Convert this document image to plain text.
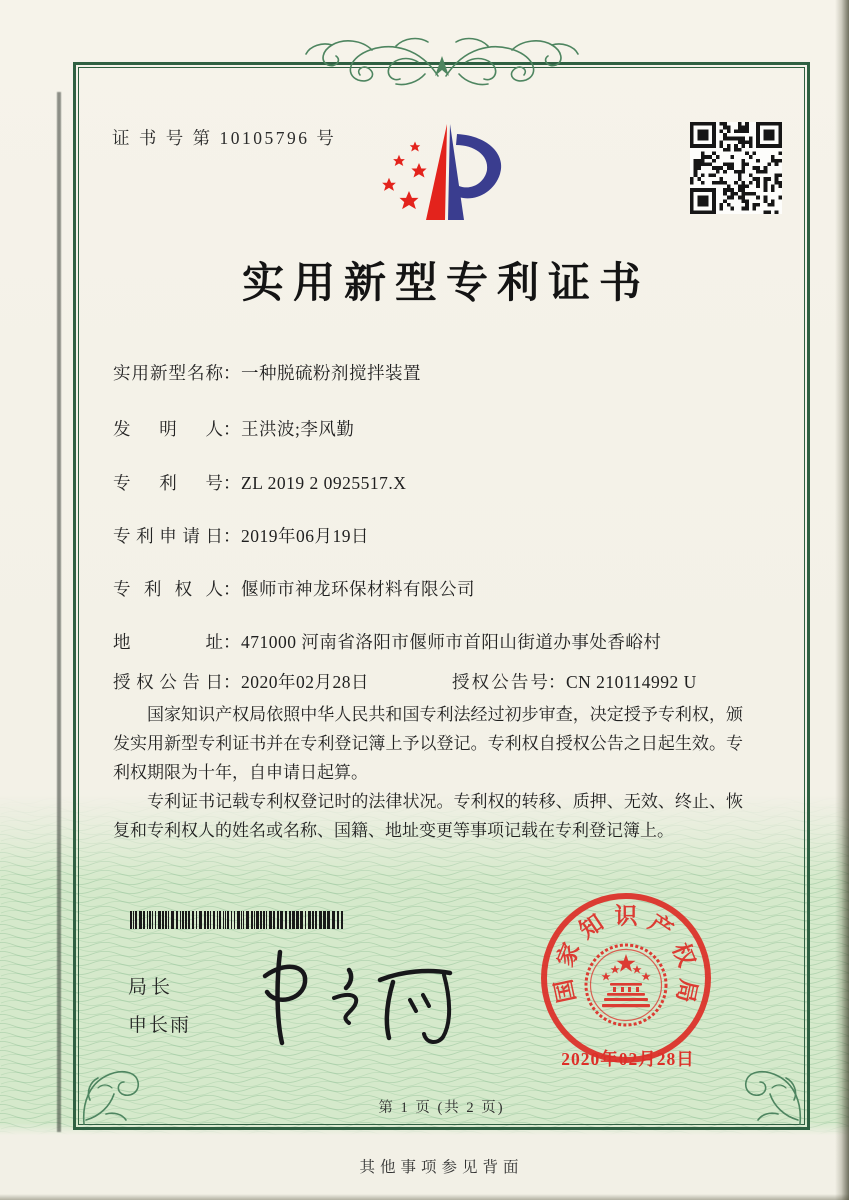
证 书 号 第 10105796 号
实用新型专利证书
实用新型名称：一种脱硫粉剂搅拌装置
发明人：王洪波;李风勤
专利号：ZL 2019 2 0925517.X
专利申请日：2019年06月19日
专利权人：偃师市神龙环保材料有限公司
地址：471000 河南省洛阳市偃师市首阳山街道办事处香峪村
授权公告日：2020年02月28日	授权公告号：CN 210114992 U

国家知识产权局依照中华人民共和国专利法经过初步审查，决定授予专利权，颁发实用新型专利证书并在专利登记簿上予以登记。专利权自授权公告之日起生效。专利权期限为十年，自申请日起算。

专利证书记载专利权登记时的法律状况。专利权的转移、质押、无效、终止、恢复和专利权人的姓名或名称、国籍、地址变更等事项记载在专利登记簿上。

局长
申长雨
国
家
知 识 产
权
局
2020年02月28日
第 1 页 (共 2 页)
其他事项参见背面
